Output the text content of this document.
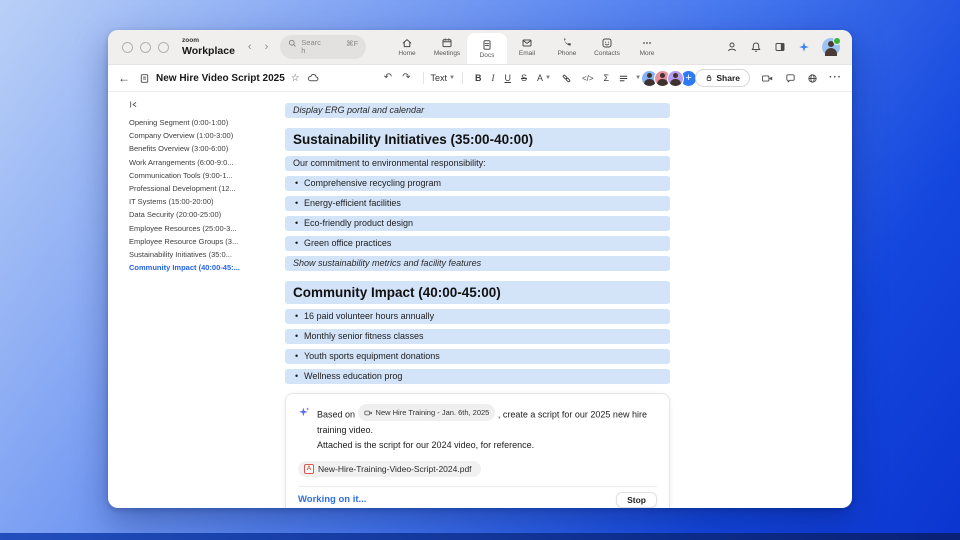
zoom
Workplace ‹ ›	Search
⌘F
Home	Meetings	Docs	Email	Phone	Contacts	More
←	New Hire Video Script 2025 ☆	↶ ↷ Text ▼ B I U S A ▼	</> Σ	▼	+	Share	···
Opening Segment (0:00-1:00)
Company Overview (1:00-3:00)
Benefits Overview (3:00-6:00)
Work Arrangements (6:00-9:0...
Communication Tools (9:00-1...
Professional Development (12...
IT Systems (15:00-20:00)
Data Security (20:00-25:00)
Employee Resources (25:00-3...
Employee Resource Groups (3...
Sustainability Initiatives (35:0...
Community Impact (40:00-45:...
Display ERG portal and calendar
Sustainability Initiatives (35:00-40:00)
Our commitment to environmental responsibility:
• Comprehensive recycling program
• Energy-efficient facilities
• Eco-friendly product design
• Green office practices
Show sustainability metrics and facility features
Community Impact (40:00-45:00)
• 16 paid volunteer hours annually
• Monthly senior fitness classes
• Youth sports equipment donations
• Wellness education prog
Based on	New Hire Training - Jan. 6th, 2025 , create a script for our 2025 new hire training video.
Attached is the script for our 2024 video, for reference.
A New-Hire-Training-Video-Script-2024.pdf
Working on it...	Stop
